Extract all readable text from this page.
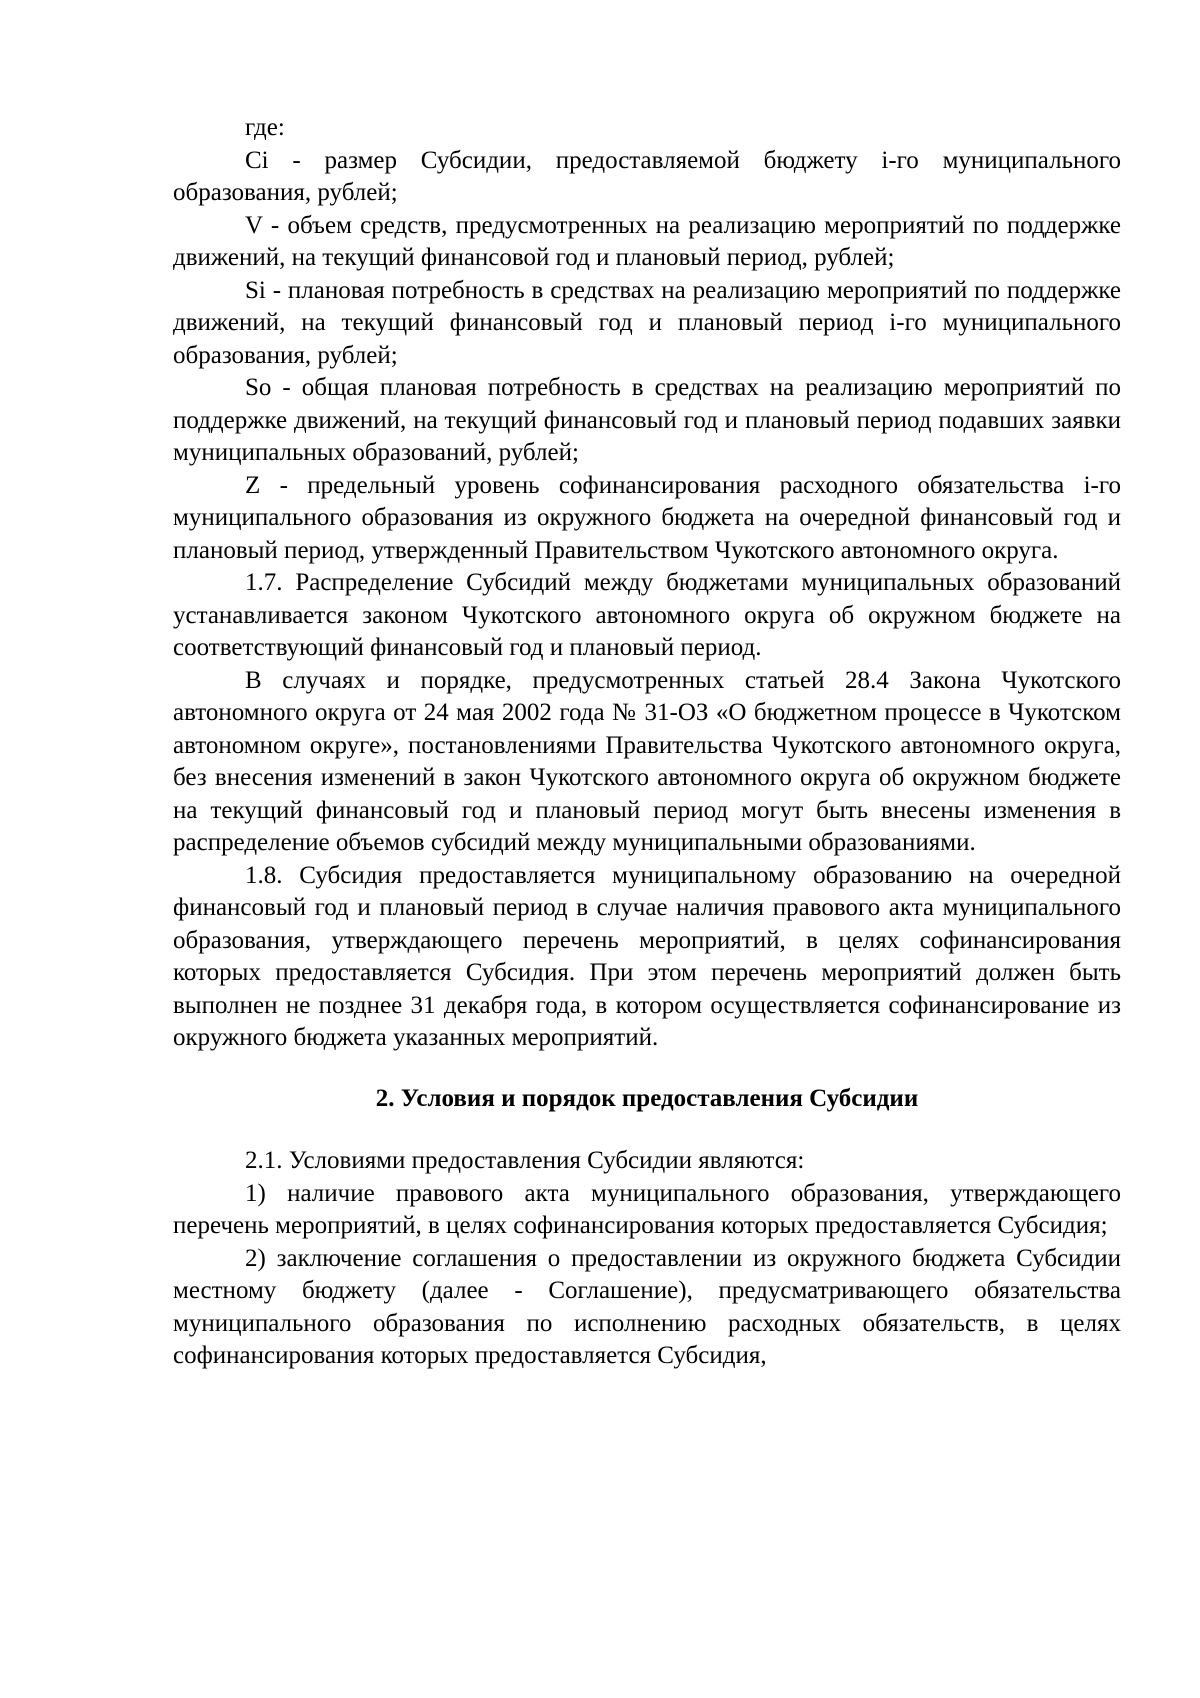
где:

Ci - размер Субсидии, предоставляемой бюджету i-го муниципального образования, рублей;

V - объем средств, предусмотренных на реализацию мероприятий по поддержке движений, на текущий финансовой год и плановый период, рублей;

Si - плановая потребность в средствах на реализацию мероприятий по поддержке движений, на текущий финансовый год и плановый период i-го муниципального образования, рублей;

So - общая плановая потребность в средствах на реализацию мероприятий по поддержке движений, на текущий финансовый год и плановый период подавших заявки муниципальных образований, рублей;

Z - предельный уровень софинансирования расходного обязательства i-го муниципального образования из окружного бюджета на очередной финансовый год и плановый период, утвержденный Правительством Чукотского автономного округа.

1.7. Распределение Субсидий между бюджетами муниципальных образований устанавливается законом Чукотского автономного округа об окружном бюджете на соответствующий финансовый год и плановый период.

В случаях и порядке, предусмотренных статьей 28.4 Закона Чукотского автономного округа от 24 мая 2002 года № 31-ОЗ «О бюджетном процессе в Чукотском автономном округе», постановлениями Правительства Чукотского автономного округа, без внесения изменений в закон Чукотского автономного округа об окружном бюджете на текущий финансовый год и плановый период могут быть внесены изменения в распределение объемов субсидий между муниципальными образованиями.

1.8. Субсидия предоставляется муниципальному образованию на очередной финансовый год и плановый период в случае наличия правового акта муниципального образования, утверждающего перечень мероприятий, в целях софинансирования которых предоставляется Субсидия. При этом перечень мероприятий должен быть выполнен не позднее 31 декабря года, в котором осуществляется софинансирование из окружного бюджета указанных мероприятий.

2. Условия и порядок предоставления Субсидии

2.1. Условиями предоставления Субсидии являются:

1) наличие правового акта муниципального образования, утверждающего перечень мероприятий, в целях софинансирования которых предоставляется Субсидия;

2) заключение соглашения о предоставлении из окружного бюджета Субсидии местному бюджету (далее - Соглашение), предусматривающего обязательства муниципального образования по исполнению расходных обязательств, в целях софинансирования которых предоставляется Субсидия,
